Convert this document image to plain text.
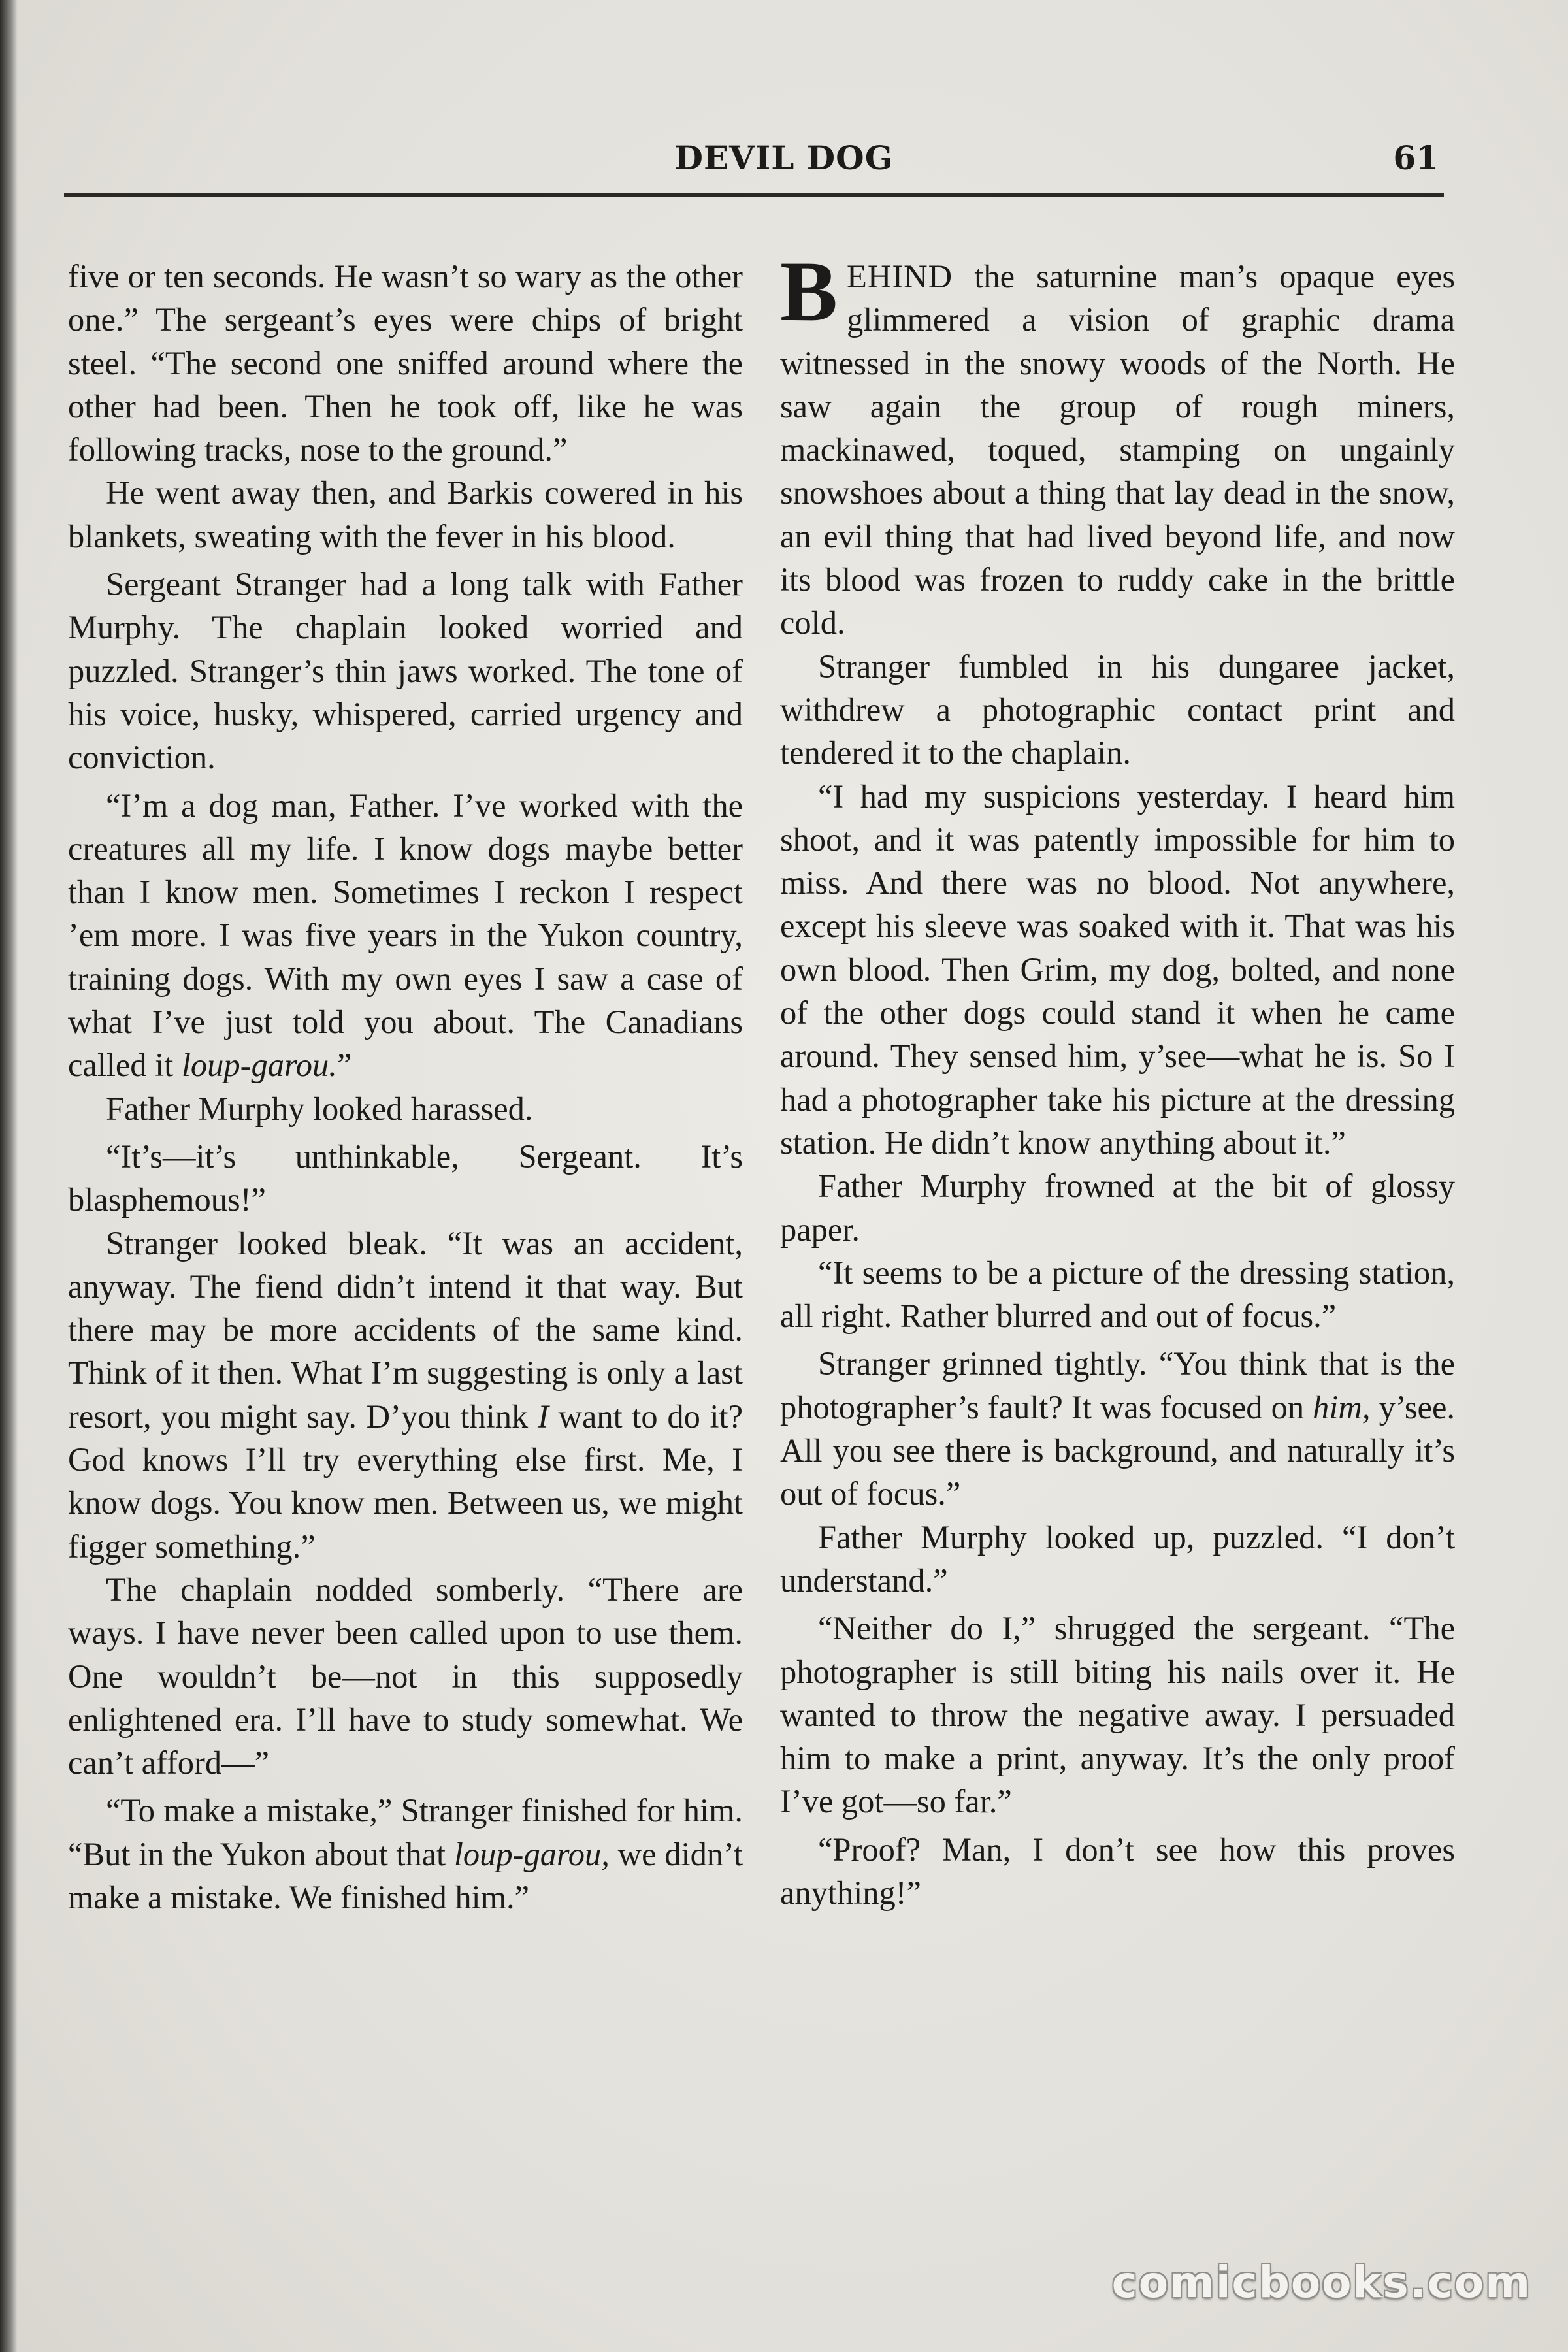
DEVIL DOG	61

five or ten seconds. He wasn’t so wary as the other one.” The sergeant’s eyes were chips of bright steel. “The second one sniffed around where the other had been. Then he took off, like he was following tracks, nose to the ground.”

He went away then, and Barkis cowered in his blankets, sweating with the fever in his blood.

Sergeant Stranger had a long talk with Father Murphy. The chaplain looked worried and puzzled. Stranger’s thin jaws worked. The tone of his voice, husky, whispered, carried urgency and conviction.

“I’m a dog man, Father. I’ve worked with the creatures all my life. I know dogs maybe better than I know men. Sometimes I reckon I respect ’em more. I was five years in the Yukon country, training dogs. With my own eyes I saw a case of what I’ve just told you about. The Canadians called it loup-garou.”

Father Murphy looked harassed.

“It’s—it’s unthinkable, Sergeant. It’s blasphemous!”

Stranger looked bleak. “It was an accident, anyway. The fiend didn’t intend it that way. But there may be more accidents of the same kind. Think of it then. What I’m suggesting is only a last resort, you might say. D’you think I want to do it? God knows I’ll try everything else first. Me, I know dogs. You know men. Between us, we might figger something.”

The chaplain nodded somberly. “There are ways. I have never been called upon to use them. One wouldn’t be—not in this supposedly enlightened era. I’ll have to study somewhat. We can’t afford—”

“To make a mistake,” Stranger finished for him. “But in the Yukon about that loup-garou, we didn’t make a mistake. We finished him.”

BEHIND the saturnine man’s opaque eyes glimmered a vision of graphic drama witnessed in the snowy woods of the North. He saw again the group of rough miners, mackinawed, toqued, stamping on ungainly snowshoes about a thing that lay dead in the snow, an evil thing that had lived beyond life, and now its blood was frozen to ruddy cake in the brittle cold.

Stranger fumbled in his dungaree jacket, withdrew a photographic contact print and tendered it to the chaplain.

“I had my suspicions yesterday. I heard him shoot, and it was patently impossible for him to miss. And there was no blood. Not anywhere, except his sleeve was soaked with it. That was his own blood. Then Grim, my dog, bolted, and none of the other dogs could stand it when he came around. They sensed him, y’see—what he is. So I had a photographer take his picture at the dressing station. He didn’t know anything about it.”

Father Murphy frowned at the bit of glossy paper.

“It seems to be a picture of the dressing station, all right. Rather blurred and out of focus.”

Stranger grinned tightly. “You think that is the photographer’s fault? It was focused on him, y’see. All you see there is background, and naturally it’s out of focus.”

Father Murphy looked up, puzzled. “I don’t understand.”

“Neither do I,” shrugged the sergeant. “The photographer is still biting his nails over it. He wanted to throw the negative away. I persuaded him to make a print, anyway. It’s the only proof I’ve got—so far.”

“Proof? Man, I don’t see how this proves anything!”

comicbooks.com
